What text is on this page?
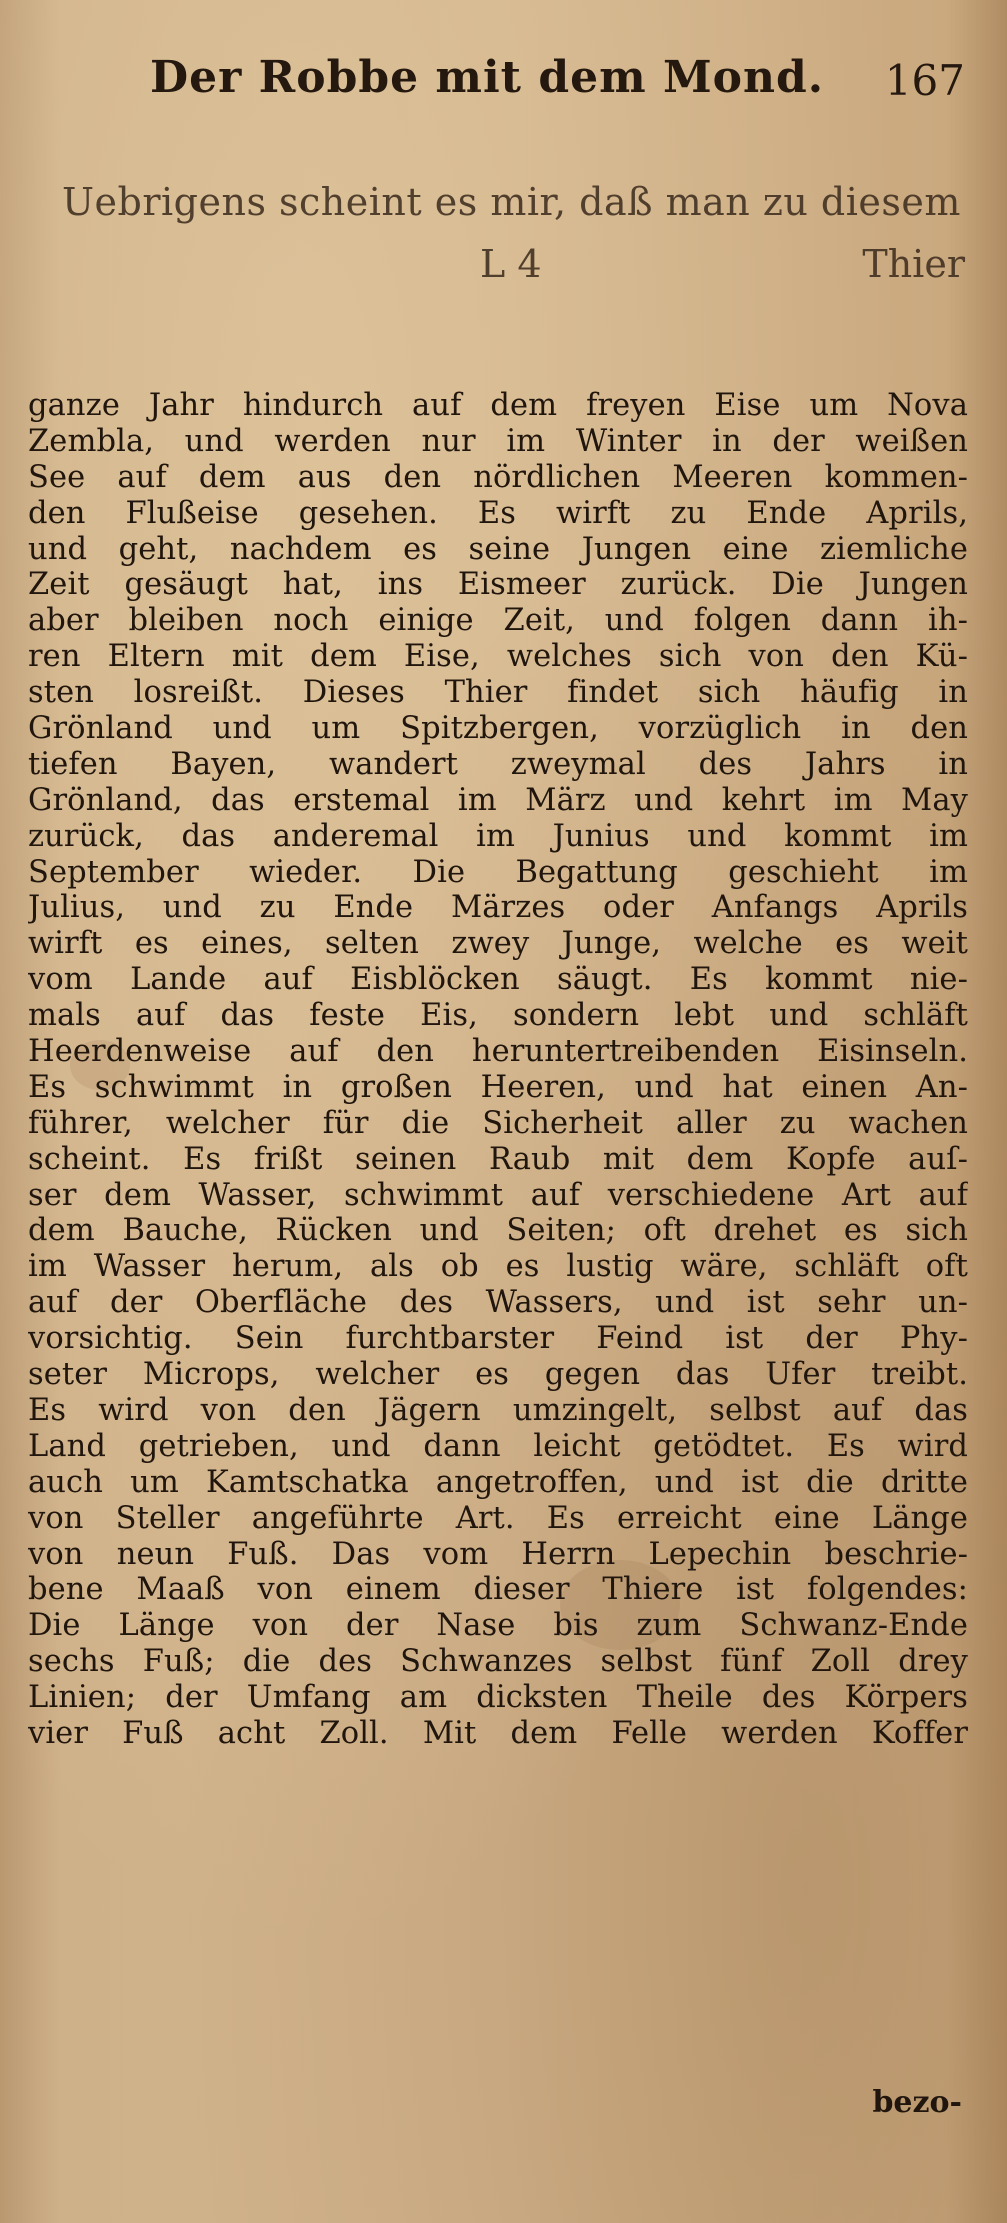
Der Robbe mit dem Mond. 167
Uebrigens scheint es mir, daß man zu diesem
L 4	Thier
ganze Jahr hindurch auf dem freyen Eise um Nova
Zembla, und werden nur im Winter in der weißen
See auf dem aus den nördlichen Meeren kommen-
den Flußeise gesehen. Es wirft zu Ende Aprils,
und geht, nachdem es seine Jungen eine ziemliche
Zeit gesäugt hat, ins Eismeer zurück. Die Jungen
aber bleiben noch einige Zeit, und folgen dann ih-
ren Eltern mit dem Eise, welches sich von den Kü-
sten losreißt. Dieses Thier findet sich häufig in
Grönland und um Spitzbergen, vorzüglich in den
tiefen Bayen, wandert zweymal des Jahrs in
Grönland, das erstemal im März und kehrt im May
zurück, das anderemal im Junius und kommt im
September wieder. Die Begattung geschieht im
Julius, und zu Ende Märzes oder Anfangs Aprils
wirft es eines, selten zwey Junge, welche es weit
vom Lande auf Eisblöcken säugt. Es kommt nie-
mals auf das feste Eis, sondern lebt und schläft
Heerdenweise auf den heruntertreibenden Eisinseln.
Es schwimmt in großen Heeren, und hat einen An-
führer, welcher für die Sicherheit aller zu wachen
scheint. Es frißt seinen Raub mit dem Kopfe auſ-
ser dem Wasser, schwimmt auf verschiedene Art auf
dem Bauche, Rücken und Seiten; oft drehet es sich
im Wasser herum, als ob es lustig wäre, schläft oft
auf der Oberfläche des Wassers, und ist sehr un-
vorsichtig. Sein furchtbarster Feind ist der Phy-
seter Microps, welcher es gegen das Ufer treibt.
Es wird von den Jägern umzingelt, selbst auf das
Land getrieben, und dann leicht getödtet. Es wird
auch um Kamtschatka angetroffen, und ist die dritte
von Steller angeführte Art. Es erreicht eine Länge
von neun Fuß. Das vom Herrn Lepechin beschrie-
bene Maaß von einem dieser Thiere ist folgendes:
Die Länge von der Nase bis zum Schwanz-Ende
sechs Fuß; die des Schwanzes selbst fünf Zoll drey
Linien; der Umfang am dicksten Theile des Körpers
vier Fuß acht Zoll. Mit dem Felle werden Koffer
bezo-
